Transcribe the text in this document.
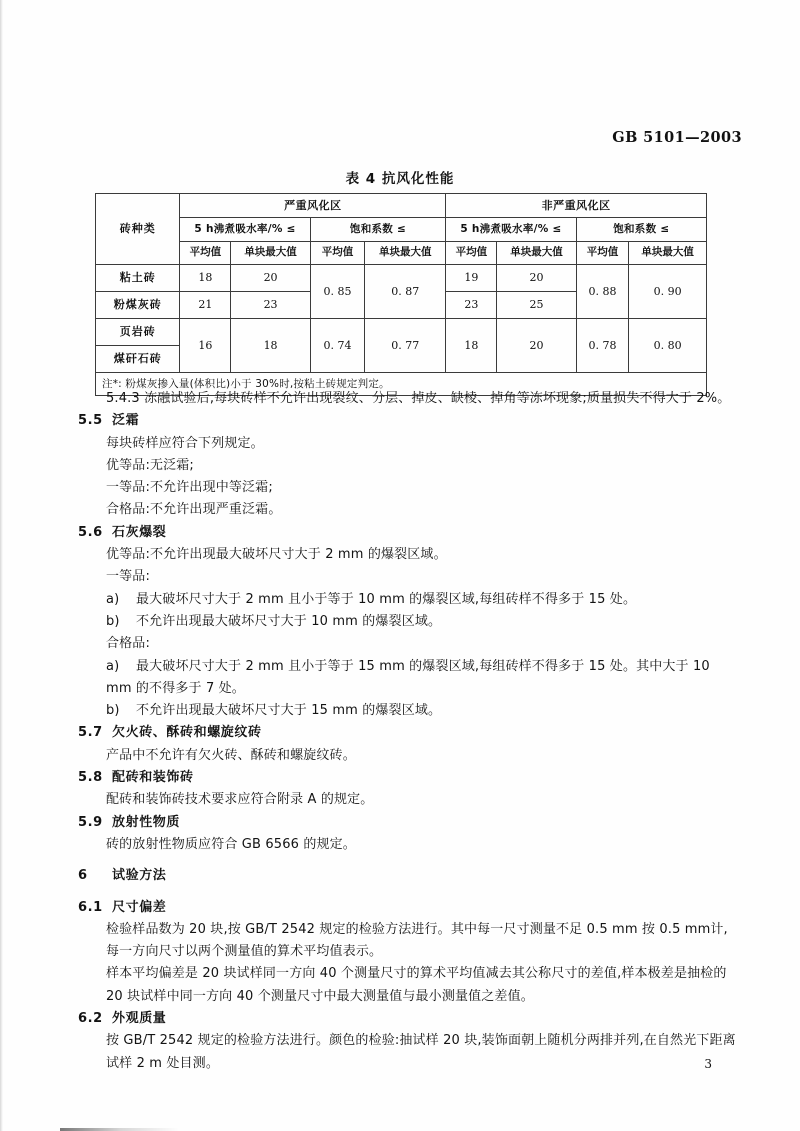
GB 5101—2003
表 4 抗风化性能
砖种类	严重风化区				非严重风化区			
	5 h沸煮吸水率/% ≤		饱和系数 ≤		5 h沸煮吸水率/% ≤		饱和系数 ≤	
	平均值	单块最大值	平均值	单块最大值	平均值	单块最大值	平均值	单块最大值
粘土砖	18	20	0. 85	0. 87	19	20	0. 88	0. 90
粉煤灰砖	21	23			23	25		
页岩砖	16	18	0. 74	0. 77	18	20	0. 78	0. 80
煤矸石砖								
注*: 粉煤灰掺入量(体积比)小于 30%时,按粘土砖规定判定。

5.4.3 冻融试验后,每块砖样不允许出现裂纹、分层、掉皮、缺棱、掉角等冻坏现象;质量损失不得大于 2%。

5.5 泛霜

每块砖样应符合下列规定。

优等品:无泛霜;

一等品:不允许出现中等泛霜;

合格品:不允许出现严重泛霜。

5.6 石灰爆裂

优等品:不允许出现最大破坏尺寸大于 2 mm 的爆裂区域。

一等品:

a) 最大破坏尺寸大于 2 mm 且小于等于 10 mm 的爆裂区域,每组砖样不得多于 15 处。

b) 不允许出现最大破坏尺寸大于 10 mm 的爆裂区域。

合格品:

a) 最大破坏尺寸大于 2 mm 且小于等于 15 mm 的爆裂区域,每组砖样不得多于 15 处。其中大于 10 mm 的不得多于 7 处。

b) 不允许出现最大破坏尺寸大于 15 mm 的爆裂区域。

5.7 欠火砖、酥砖和螺旋纹砖

产品中不允许有欠火砖、酥砖和螺旋纹砖。

5.8 配砖和装饰砖

配砖和装饰砖技术要求应符合附录 A 的规定。

5.9 放射性物质

砖的放射性物质应符合 GB 6566 的规定。

6 试验方法

6.1 尺寸偏差

检验样品数为 20 块,按 GB/T 2542 规定的检验方法进行。其中每一尺寸测量不足 0.5 mm 按 0.5 mm计,每一方向尺寸以两个测量值的算术平均值表示。

样本平均偏差是 20 块试样同一方向 40 个测量尺寸的算术平均值减去其公称尺寸的差值,样本极差是抽检的 20 块试样中同一方向 40 个测量尺寸中最大测量值与最小测量值之差值。

6.2 外观质量

按 GB/T 2542 规定的检验方法进行。颜色的检验:抽试样 20 块,装饰面朝上随机分两排并列,在自然光下距离试样 2 m 处目测。	3
